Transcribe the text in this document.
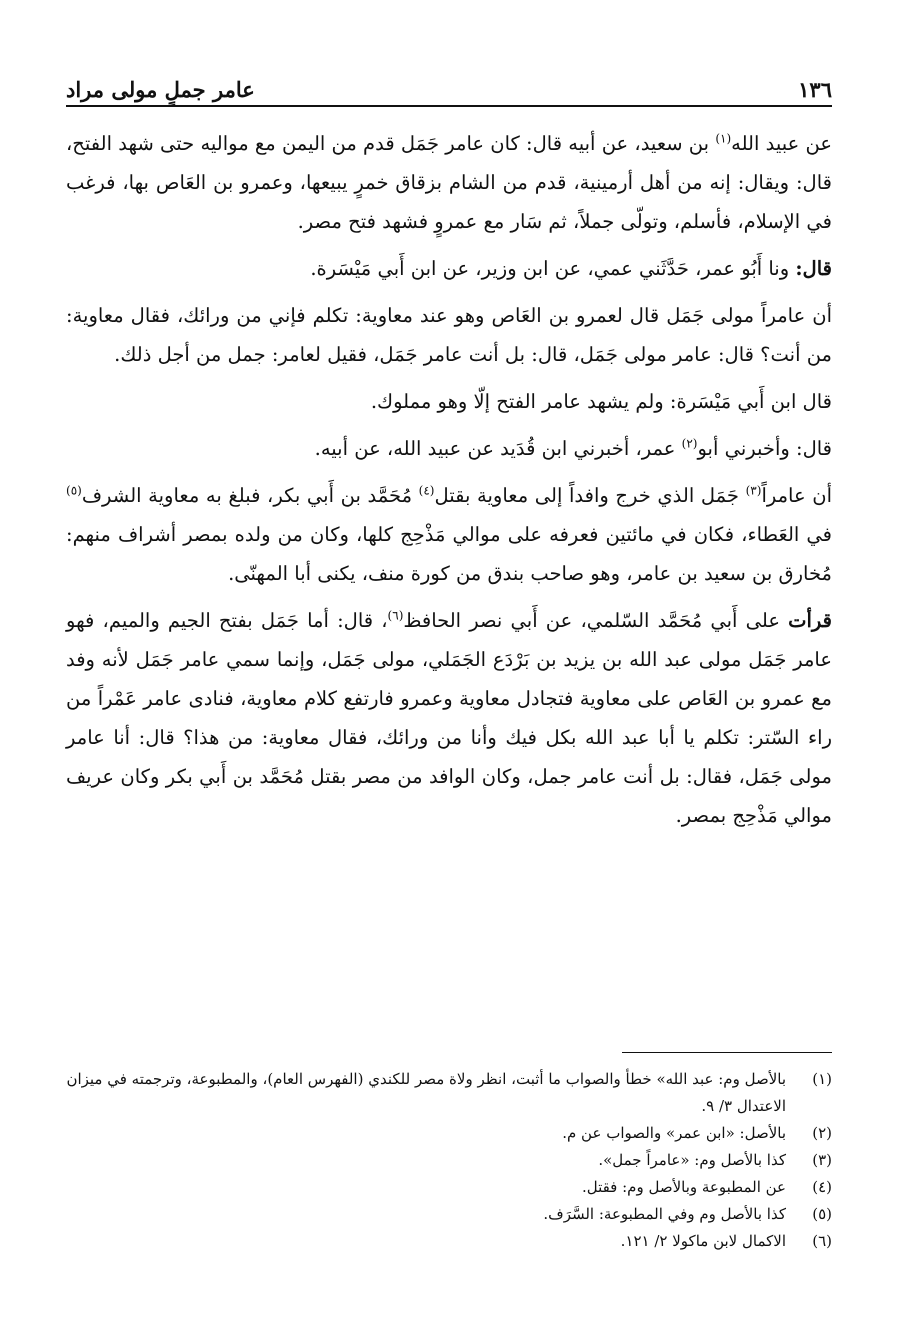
١٣٦
عامر جملٍ مولى مراد

عن عبيد الله$^{(١)}$ بن سعيد، عن أبيه قال: كان عامر جَمَل قدم من اليمن مع مواليه حتى شهد الفتح، قال: ويقال: إنه من أهل أرمينية، قدم من الشام بزقاق خمرٍ يبيعها، وعمرو بن العَاص بها، فرغب في الإسلام، فأسلم، وتولّى جملاً، ثم سَار مع عمروٍ فشهد فتح مصر.

قال: ونا أَبُو عمر، حَدَّثَني عمي، عن ابن وزير، عن ابن أَبي مَيْسَرة.

أن عامراً مولى جَمَل قال لعمرو بن العَاص وهو عند معاوية: تكلم فإني من ورائك، فقال معاوية: من أنت؟ قال: عامر مولى جَمَل، قال: بل أنت عامر جَمَل، فقيل لعامر: جمل من أجل ذلك.

قال ابن أَبي مَيْسَرة: ولم يشهد عامر الفتح إلّا وهو مملوك.

قال: وأخبرني أبو$^{(٢)}$ عمر، أخبرني ابن قُدَيد عن عبيد الله، عن أبيه.

أن عامراً$^{(٣)}$ جَمَل الذي خرج وافداً إلى معاوية بقتل$^{(٤)}$ مُحَمَّد بن أَبي بكر، فبلغ به معاوية الشرف$^{(٥)}$ في العَطاء، فكان في مائتين فعرفه على موالي مَذْحِج كلها، وكان من ولده بمصر أشراف منهم: مُخارق بن سعيد بن عامر، وهو صاحب بندق من كورة منف، يكنى أبا المهنّى.

قرأت على أَبي مُحَمَّد السّلمي، عن أَبي نصر الحافظ$^{(٦)}$، قال: أما جَمَل بفتح الجيم والميم، فهو عامر جَمَل مولى عبد الله بن يزيد بن بَرْدَع الجَمَلي، مولى جَمَل، وإنما سمي عامر جَمَل لأنه وفد مع عمرو بن العَاص على معاوية فتجادل معاوية وعمرو فارتفع كلام معاوية، فنادى عامر عَمْراً من راء السّتر: تكلم يا أبا عبد الله بكل فيك وأنا من ورائك، فقال معاوية: من هذا؟ قال: أنا عامر مولى جَمَل، فقال: بل أنت عامر جمل، وكان الوافد من مصر بقتل مُحَمَّد بن أَبي بكر وكان عريف موالي مَذْحِج بمصر.

(١)
بالأصل وم: عبد الله» خطأ والصواب ما أثبت، انظر ولاة مصر للكندي (الفهرس العام)، والمطبوعة، وترجمته في ميزان الاعتدال ٣/ ٩.
(٢)
بالأصل: «ابن عمر» والصواب عن م.
(٣)
كذا بالأصل وم: «عامراً جمل».
(٤)
عن المطبوعة وبالأصل وم: فقتل.
(٥)
كذا بالأصل وم وفي المطبوعة: السَّرَف.
(٦)
الاكمال لابن ماكولا ٢/ ١٢١.
